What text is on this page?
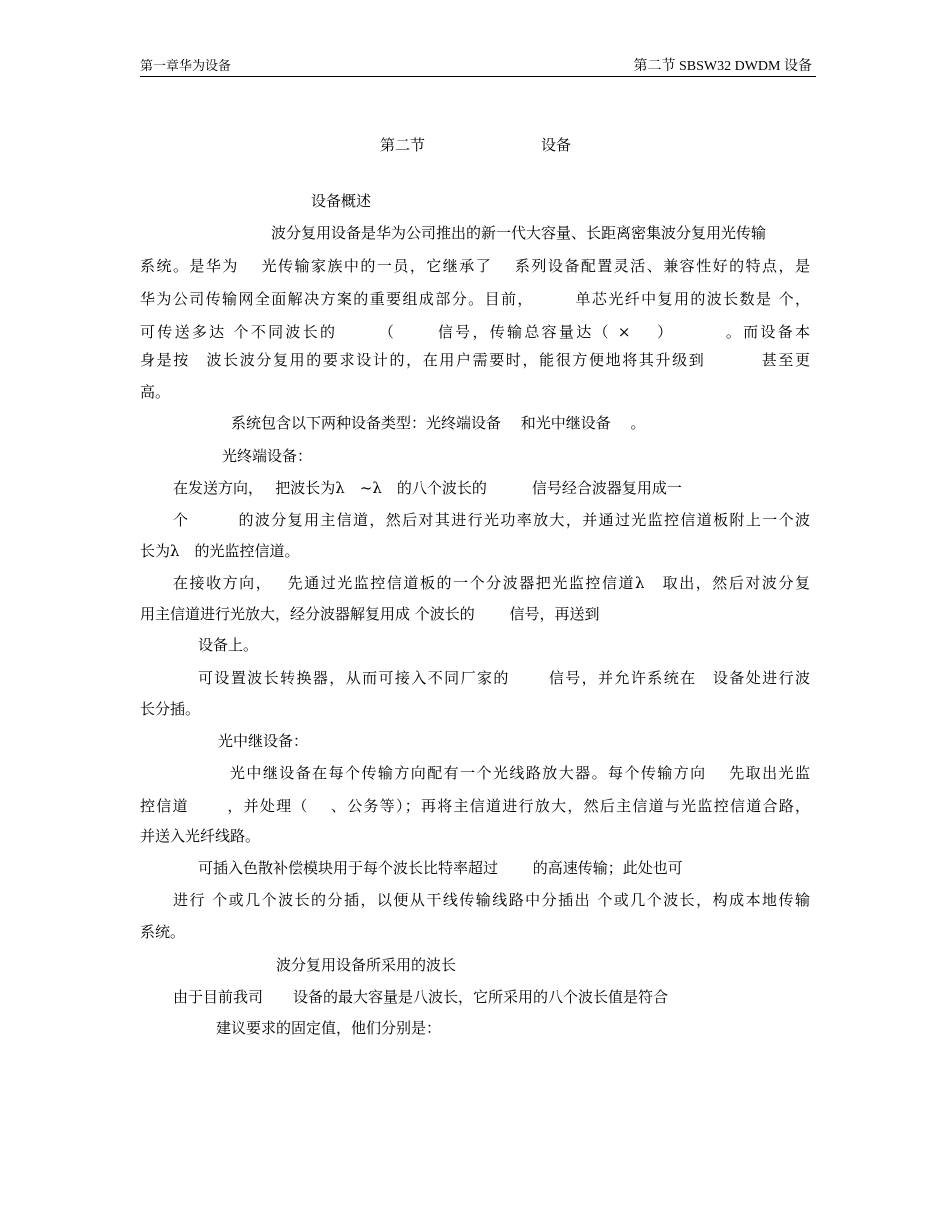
第一章华为设备	第二节 SBSW32 DWDM 设备
第二节	设备
设备概述
波分复用设备是华为公司推出的新一代大容量、长距离密集波分复用光传输
系统。是华为　 光传输家族中的一员，它继承了　 系列设备配置灵活、兼容性好的特点，是
华为公司传输网全面解决方案的重要组成部分。目前，　　　单芯光纤中复用的波长数是 个，
可传送多达 个不同波长的　　 （　　 信号，传输总容量达（ ×　 ）　　　 。而设备本
身是按　波长波分复用的要求设计的，在用户需要时，能很方便地将其升级到　　　 甚至更
高。
系统包含以下两种设备类型：光终端设备　 和光中继设备　 。
光终端设备：
在发送方向，　 把波长为λ　~λ　的八个波长的　　　信号经合波器复用成一
个　　　的波分复用主信道，然后对其进行光功率放大，并通过光监控信道板附上一个波
长为λ　的光监控信道。
在接收方向，　 先通过光监控信道板的一个分波器把光监控信道λ　取出，然后对波分复
用主信道进行光放大，经分波器解复用成 个波长的　　 信号，再送到
设备上。
可设置波长转换器，从而可接入不同厂家的　　 信号，并允许系统在　设备处进行波
长分插。
光中继设备：
光中继设备在每个传输方向配有一个光线路放大器。每个传输方向　 先取出光监
控信道　　 ，并处理（　 、公务等）；再将主信道进行放大，然后主信道与光监控信道合路，
并送入光纤线路。
可插入色散补偿模块用于每个波长比特率超过　　 的高速传输；此处也可
进行 个或几个波长的分插，以便从干线传输线路中分插出 个或几个波长，构成本地传输
系统。
波分复用设备所采用的波长
由于目前我司　　设备的最大容量是八波长，它所采用的八个波长值是符合
建议要求的固定值，他们分别是：
